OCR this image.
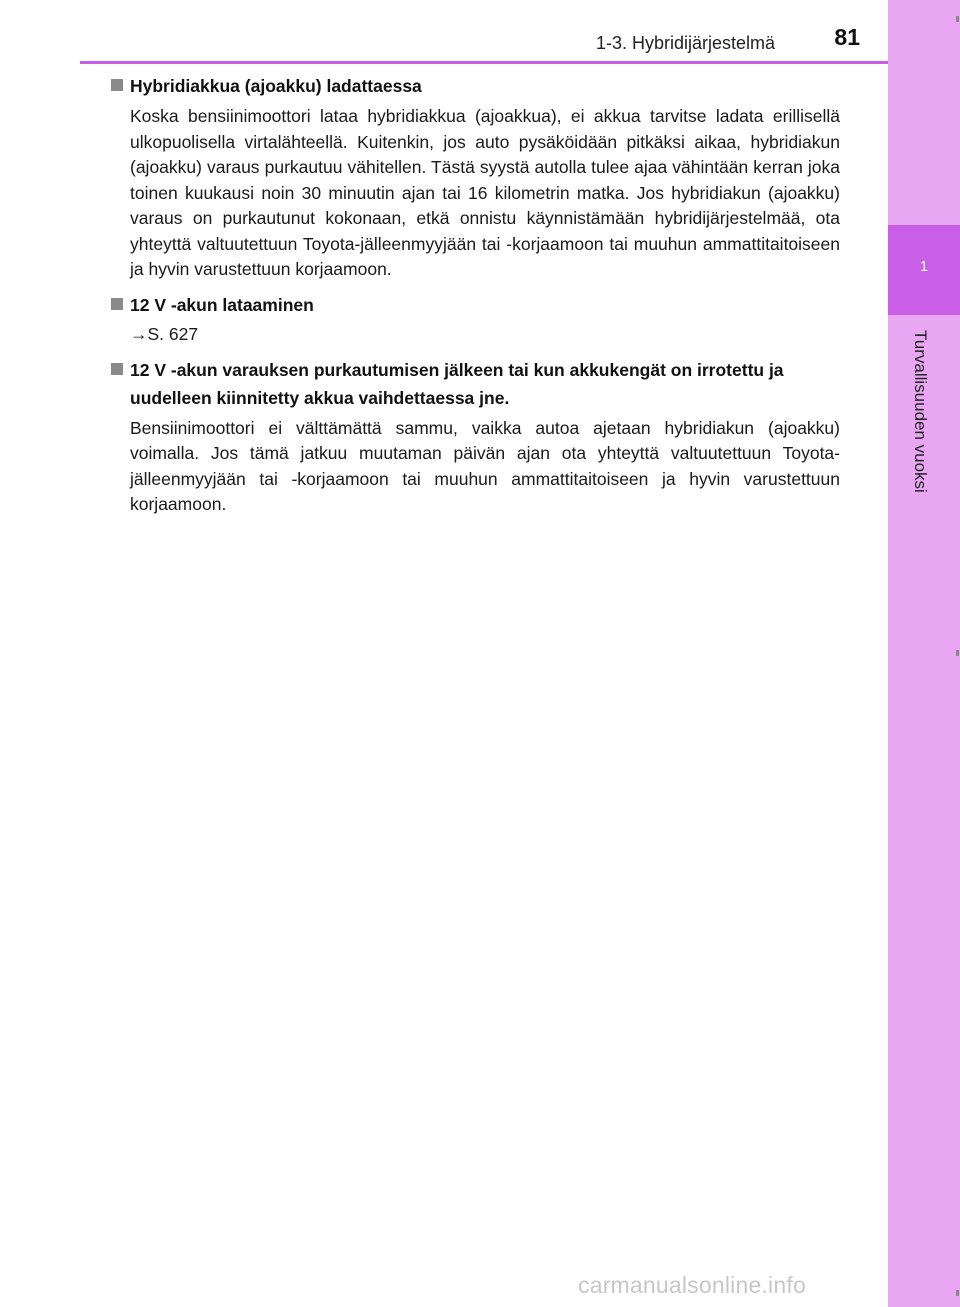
1-3. Hybridijärjestelmä	81
1
Turvallisuuden vuoksi
Hybridiakkua (ajoakku) ladattaessa
Koska bensiinimoottori lataa hybridiakkua (ajoakkua), ei akkua tarvitse ladata erillisellä ulkopuolisella virtalähteellä. Kuitenkin, jos auto pysäköidään pitkäksi aikaa, hybridiakun (ajoakku) varaus purkautuu vähitellen. Tästä syystä autolla tulee ajaa vähintään kerran joka toinen kuukausi noin 30 minuutin ajan tai 16 kilometrin matka. Jos hybridiakun (ajoakku) varaus on purkautunut kokonaan, etkä onnistu käynnistämään hybridijärjestelmää, ota yhteyttä valtuutettuun Toyota-jälleenmyyjään tai -korjaamoon tai muuhun ammattitaitoiseen ja hyvin varustettuun korjaamoon.
12 V -akun lataaminen
→S. 627
12 V -akun varauksen purkautumisen jälkeen tai kun akkukengät on irrotettu ja uudelleen kiinnitetty akkua vaihdettaessa jne.
Bensiinimoottori ei välttämättä sammu, vaikka autoa ajetaan hybridiakun (ajoakku) voimalla. Jos tämä jatkuu muutaman päivän ajan ota yhteyttä valtuutettuun Toyota-jälleenmyyjään tai -korjaamoon tai muuhun ammattitaitoiseen ja hyvin varustettuun korjaamoon.
carmanualsonline.info
